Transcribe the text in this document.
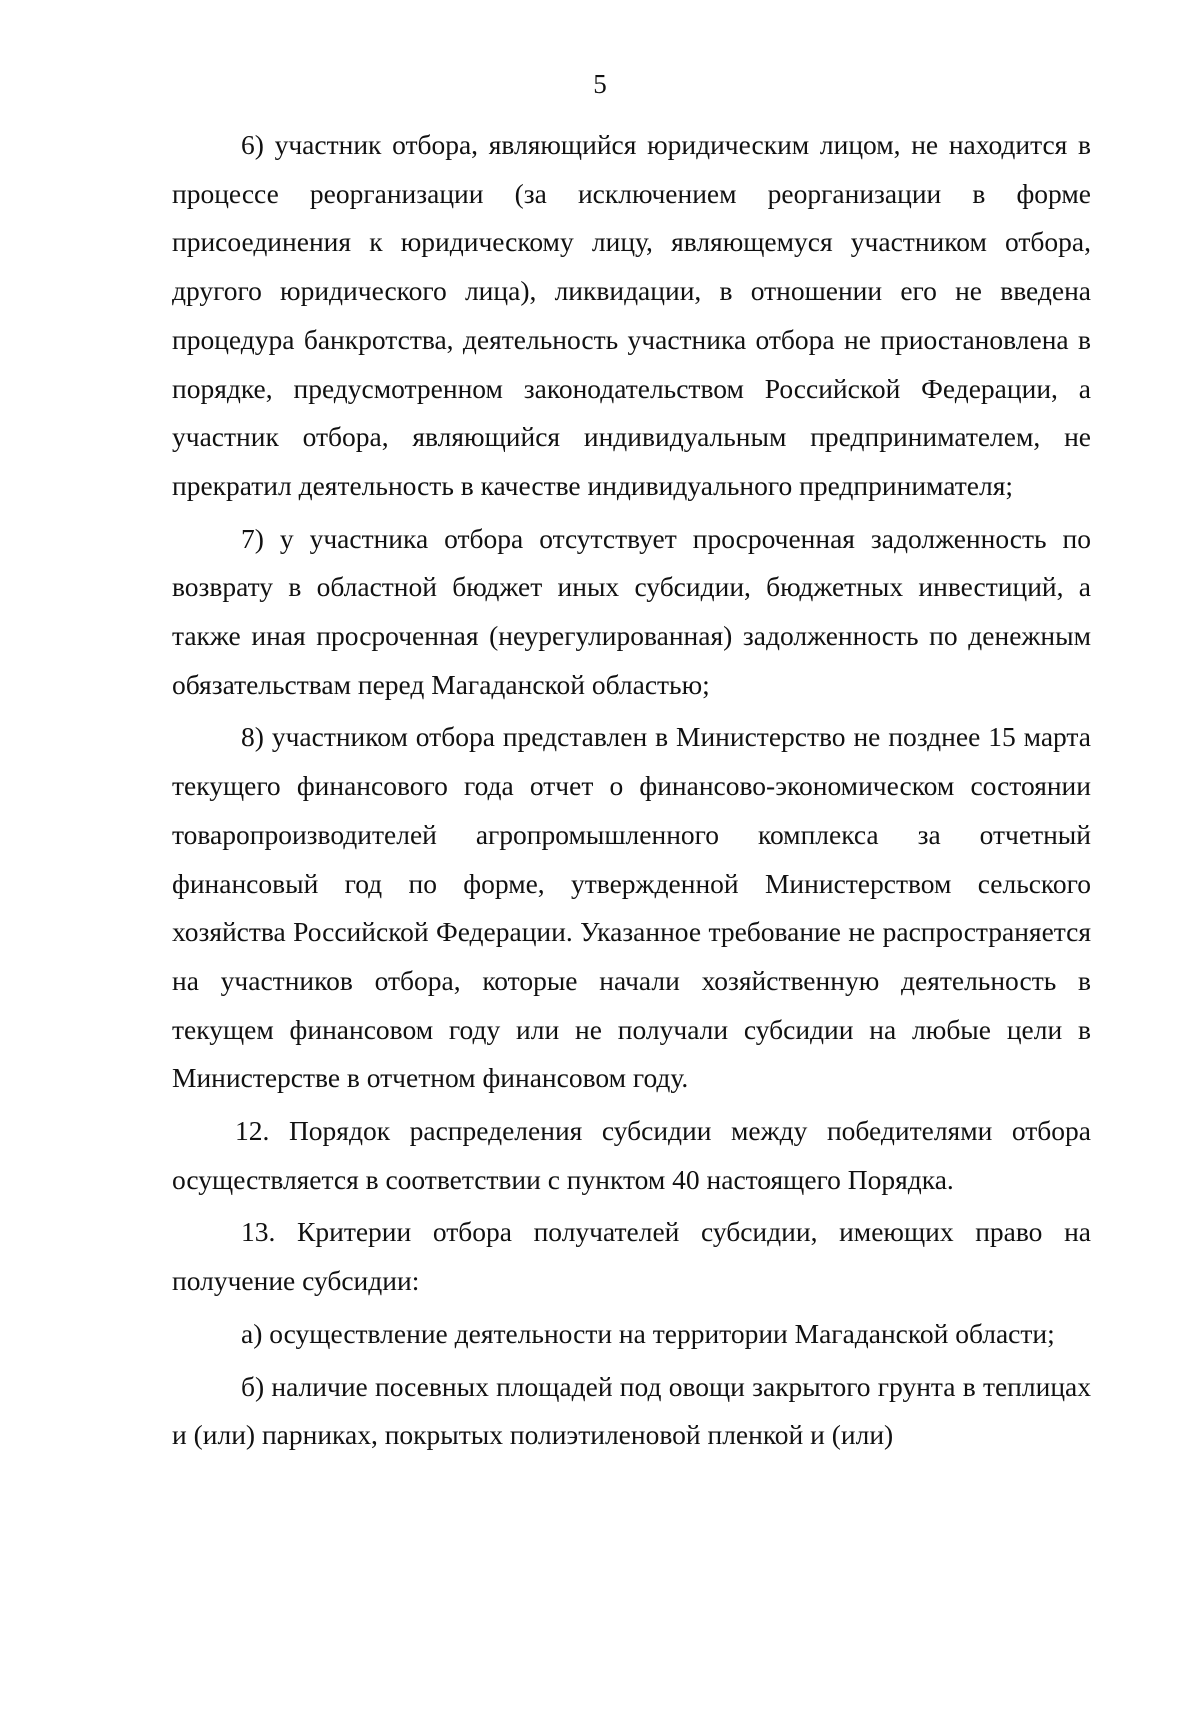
5

6) участник отбора, являющийся юридическим лицом, не находится в процессе реорганизации (за исключением реорганизации в форме присоединения к юридическому лицу, являющемуся участником отбора, другого юридического лица), ликвидации, в отношении его не введена процедура банкротства, деятельность участника отбора не приостановлена в порядке, предусмотренном законодательством Российской Федерации, а участник отбора, являющийся индивидуальным предпринимателем, не прекратил деятельность в качестве индивидуального предпринимателя;

7) у участника отбора отсутствует просроченная задолженность по возврату в областной бюджет иных субсидии, бюджетных инвестиций, а также иная просроченная (неурегулированная) задолженность по денежным обязательствам перед Магаданской областью;

8) участником отбора представлен в Министерство не позднее 15 марта текущего финансового года отчет о финансово-экономическом состоянии товаропроизводителей агропромышленного комплекса за отчетный финансовый год по форме, утвержденной Министерством сельского хозяйства Российской Федерации. Указанное требование не распространяется на участников отбора, которые начали хозяйственную деятельность в текущем финансовом году или не получали субсидии на любые цели в Министерстве в отчетном финансовом году.

12. Порядок распределения субсидии между победителями отбора осуществляется в соответствии с пунктом 40 настоящего Порядка.

13. Критерии отбора получателей субсидии, имеющих право на получение субсидии:

а) осуществление деятельности на территории Магаданской области;

б) наличие посевных площадей под овощи закрытого грунта в теплицах и (или) парниках, покрытых полиэтиленовой пленкой и (или)
